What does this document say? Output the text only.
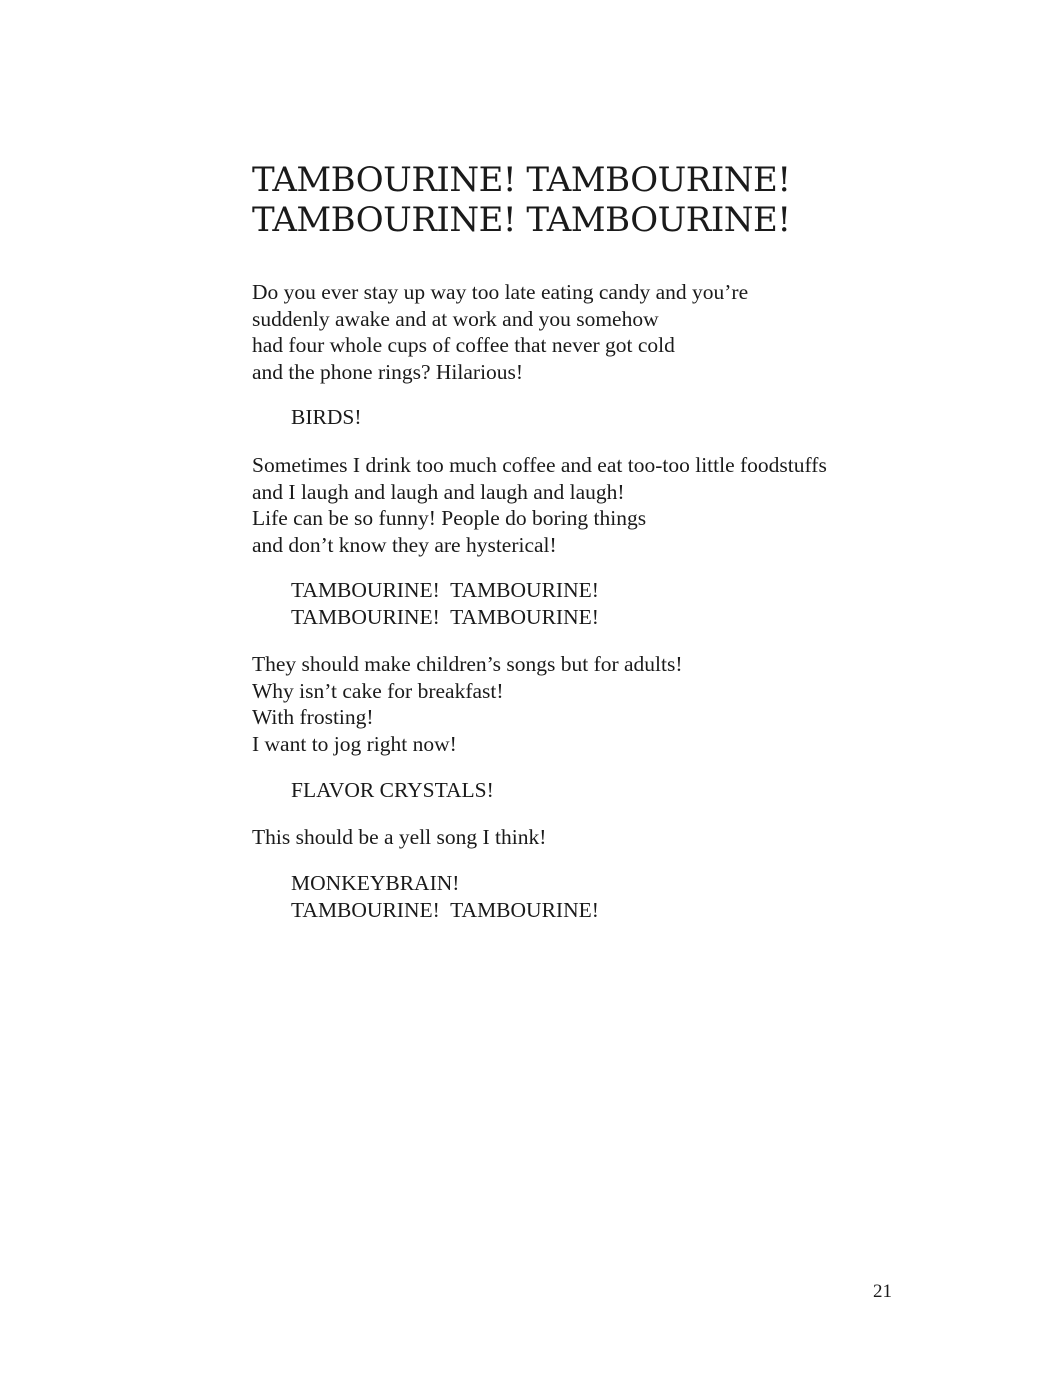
TAMBOURINE! TAMBOURINE!
TAMBOURINE! TAMBOURINE!
Do you ever stay up way too late eating candy and you’re
suddenly awake and at work and you somehow
had four whole cups of coffee that never got cold
and the phone rings? Hilarious!
BIRDS!
Sometimes I drink too much coffee and eat too-too little foodstuffs
and I laugh and laugh and laugh and laugh!
Life can be so funny! People do boring things
and don’t know they are hysterical!
TAMBOURINE!  TAMBOURINE!
TAMBOURINE!  TAMBOURINE!
They should make children’s songs but for adults!
Why isn’t cake for breakfast!
With frosting!
I want to jog right now!
FLAVOR CRYSTALS!
This should be a yell song I think!
MONKEYBRAIN!
TAMBOURINE!  TAMBOURINE!
21
